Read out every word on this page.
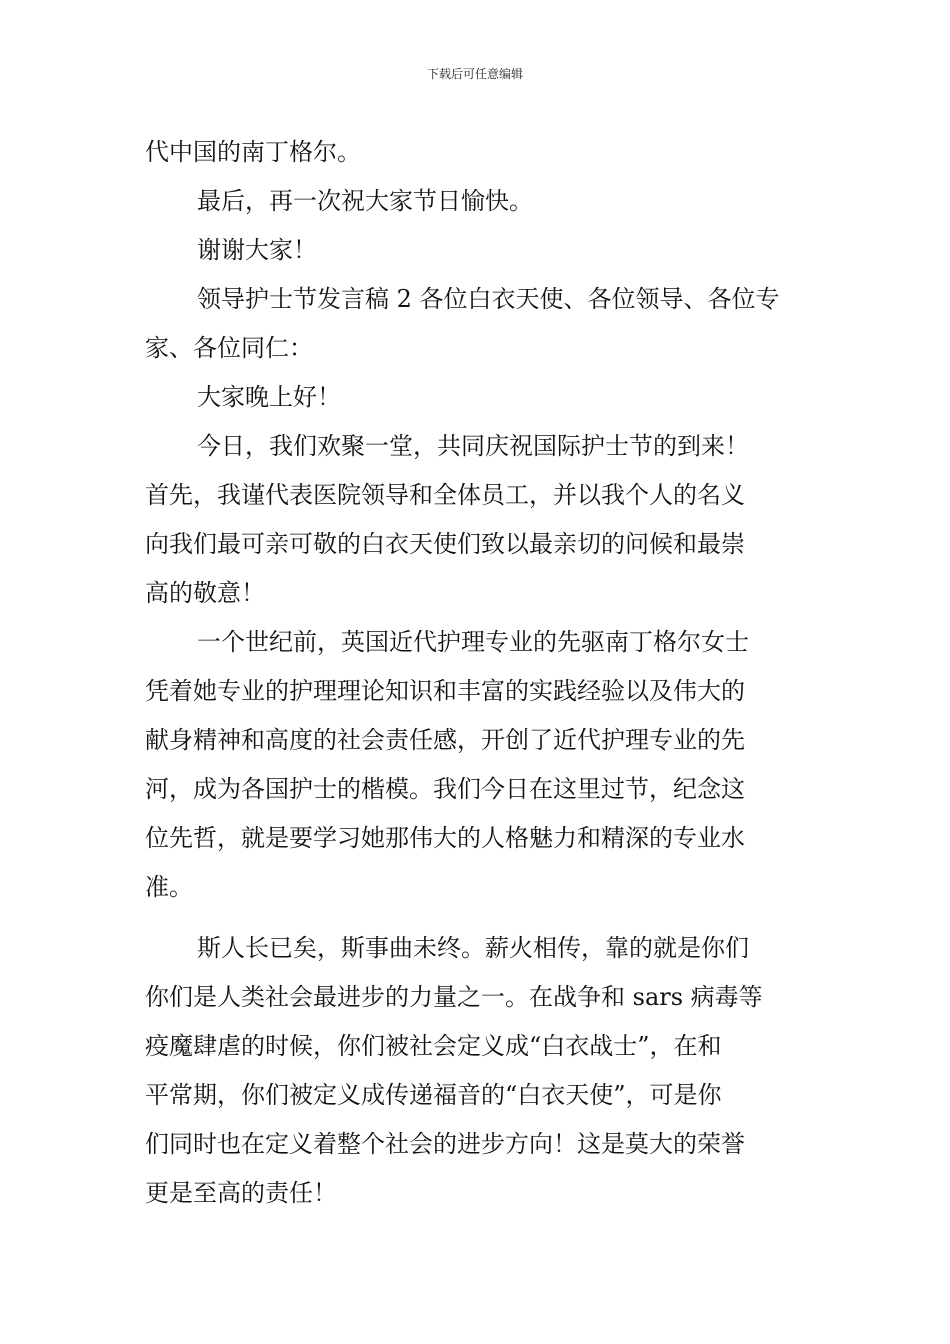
下载后可任意编辑
代中国的南丁格尔。
最后，再一次祝大家节日愉快。
谢谢大家！
领导护士节发言稿 2 各位白衣天使、各位领导、各位专
家、各位同仁：
大家晚上好！
今日，我们欢聚一堂，共同庆祝国际护士节的到来！
首先，我谨代表医院领导和全体员工，并以我个人的名义
向我们最可亲可敬的白衣天使们致以最亲切的问候和最崇
高的敬意！
一个世纪前，英国近代护理专业的先驱南丁格尔女士
凭着她专业的护理理论知识和丰富的实践经验以及伟大的
献身精神和高度的社会责任感，开创了近代护理专业的先
河，成为各国护士的楷模。我们今日在这里过节，纪念这
位先哲，就是要学习她那伟大的人格魅力和精深的专业水
准。
斯人长已矣，斯事曲未终。薪火相传，靠的就是你们
你们是人类社会最进步的力量之一。在战争和 sars 病毒等
疫魔肆虐的时候，你们被社会定义成“白衣战士”，在和
平常期，你们被定义成传递福音的“白衣天使”，可是你
们同时也在定义着整个社会的进步方向！这是莫大的荣誉
更是至高的责任！
